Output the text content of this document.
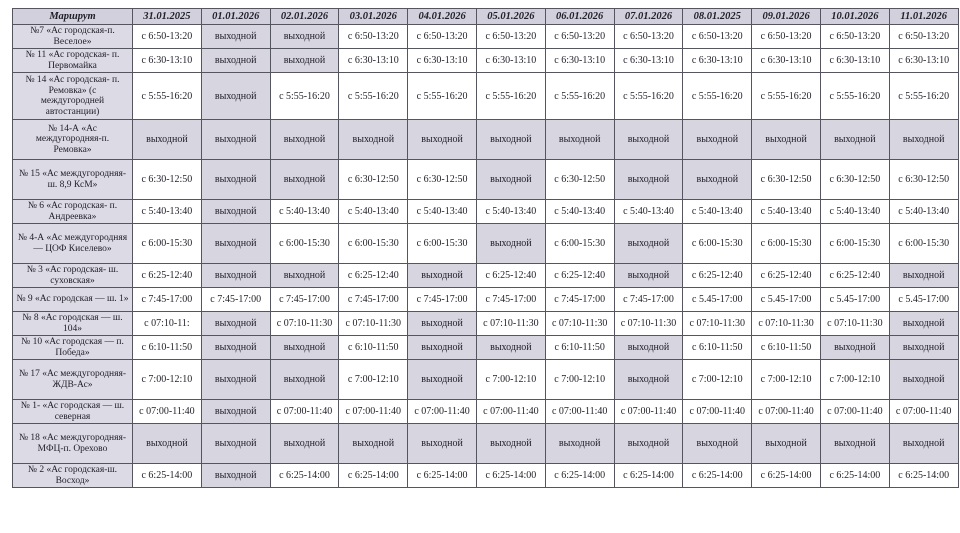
Маршрут	31.01.2025	01.01.2026	02.01.2026	03.01.2026	04.01.2026	05.01.2026	06.01.2026	07.01.2026	08.01.2025	09.01.2026	10.01.2026	11.01.2026
№7 «Ас городская-п. Веселое»	с 6:50-13:20	выходной	выходной	с 6:50-13:20	с 6:50-13:20	с 6:50-13:20	с 6:50-13:20	с 6:50-13:20	с 6:50-13:20	с 6:50-13:20	с 6:50-13:20	с 6:50-13:20
№ 11 «Ас городская- п. Первомайка	с 6:30-13:10	выходной	выходной	с 6:30-13:10	с 6:30-13:10	с 6:30-13:10	с 6:30-13:10	с 6:30-13:10	с 6:30-13:10	с 6:30-13:10	с 6:30-13:10	с 6:30-13:10
№ 14 «Ас городская- п. Ремовка» (с междугородней автостанции)	с 5:55-16:20	выходной	с 5:55-16:20	с 5:55-16:20	с 5:55-16:20	с 5:55-16:20	с 5:55-16:20	с 5:55-16:20	с 5:55-16:20	с 5:55-16:20	с 5:55-16:20	с 5:55-16:20
№ 14-А «Ас междугородняя-п. Ремовка»	выходной	выходной	выходной	выходной	выходной	выходной	выходной	выходной	выходной	выходной	выходной	выходной
№ 15 «Ас междугородняя-ш. 8,9 КсМ»	с 6:30-12:50	выходной	выходной	с 6:30-12:50	с 6:30-12:50	выходной	с 6:30-12:50	выходной	выходной	с 6:30-12:50	с 6:30-12:50	с 6:30-12:50
№ 6 «Ас городская- п. Андреевка»	с 5:40-13:40	выходной	с 5:40-13:40	с 5:40-13:40	с 5:40-13:40	с 5:40-13:40	с 5:40-13:40	с 5:40-13:40	с 5:40-13:40	с 5:40-13:40	с 5:40-13:40	с 5:40-13:40
№ 4-А «Ас междугородняя — ЦОФ Киселево»	с 6:00-15:30	выходной	с 6:00-15:30	с 6:00-15:30	с 6:00-15:30	выходной	с 6:00-15:30	выходной	с 6:00-15:30	с 6:00-15:30	с 6:00-15:30	с 6:00-15:30
№ 3 «Ас городская- ш. суховская»	с 6:25-12:40	выходной	выходной	с 6:25-12:40	выходной	с 6:25-12:40	с 6:25-12:40	выходной	с 6:25-12:40	с 6:25-12:40	с 6:25-12:40	выходной
№ 9 «Ас городская — ш. 1»	с 7:45-17:00	с 7:45-17:00	с 7:45-17:00	с 7:45-17:00	с 7:45-17:00	с 7:45-17:00	с 7:45-17:00	с 7:45-17:00	с 5.45-17:00	с 5.45-17:00	с 5.45-17:00	с 5.45-17:00
№ 8 «Ас городская — ш. 104»	с 07:10-11:	выходной	с 07:10-11:30	с 07:10-11:30	выходной	с 07:10-11:30	с 07:10-11:30	с 07:10-11:30	с 07:10-11:30	с 07:10-11:30	с 07:10-11:30	выходной
№ 10 «Ас городская — п. Победа»	с 6:10-11:50	выходной	выходной	с 6:10-11:50	выходной	выходной	с 6:10-11:50	выходной	с 6:10-11:50	с 6:10-11:50	выходной	выходной
№ 17 «Ас междугородняя-ЖДВ-Ас»	с 7:00-12:10	выходной	выходной	с 7:00-12:10	выходной	с 7:00-12:10	с 7:00-12:10	выходной	с 7:00-12:10	с 7:00-12:10	с 7:00-12:10	выходной
№ 1- «Ас городская — ш. северная	с 07:00-11:40	выходной	с 07:00-11:40	с 07:00-11:40	с 07:00-11:40	с 07:00-11:40	с 07:00-11:40	с 07:00-11:40	с 07:00-11:40	с 07:00-11:40	с 07:00-11:40	с 07:00-11:40
№ 18 «Ас междугородняя-МФЦ-п. Орехово	выходной	выходной	выходной	выходной	выходной	выходной	выходной	выходной	выходной	выходной	выходной	выходной
№ 2 «Ас городская-ш. Восход»	с 6:25-14:00	выходной	с 6:25-14:00	с 6:25-14:00	с 6:25-14:00	с 6:25-14:00	с 6:25-14:00	с 6:25-14:00	с 6:25-14:00	с 6:25-14:00	с 6:25-14:00	с 6:25-14:00
